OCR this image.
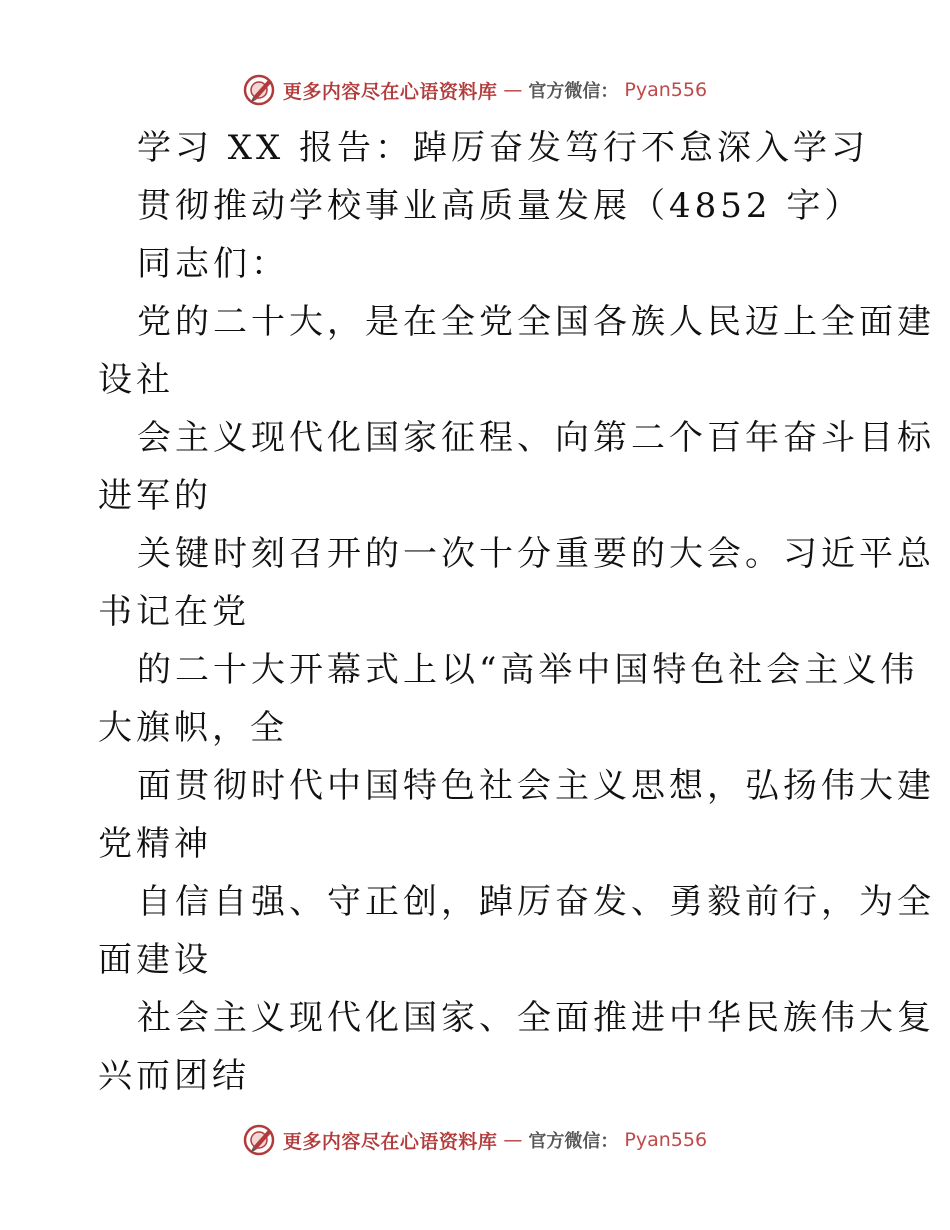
更多内容尽在心语资料库 — 官方微信： Pyan556
学习 XX 报告：踔厉奋发笃行不怠深入学习
贯彻推动学校事业高质量发展（4852 字）
同志们：
党的二十大，是在全党全国各族人民迈上全面建
设社
会主义现代化国家征程、向第二个百年奋斗目标
进军的
关键时刻召开的一次十分重要的大会。习近平总
书记在党
的二十大开幕式上以“高举中国特色社会主义伟
大旗帜，全
面贯彻时代中国特色社会主义思想，弘扬伟大建
党精神
自信自强、守正创，踔厉奋发、勇毅前行，为全
面建设
社会主义现代化国家、全面推进中华民族伟大复
兴而团结
更多内容尽在心语资料库 — 官方微信： Pyan556
